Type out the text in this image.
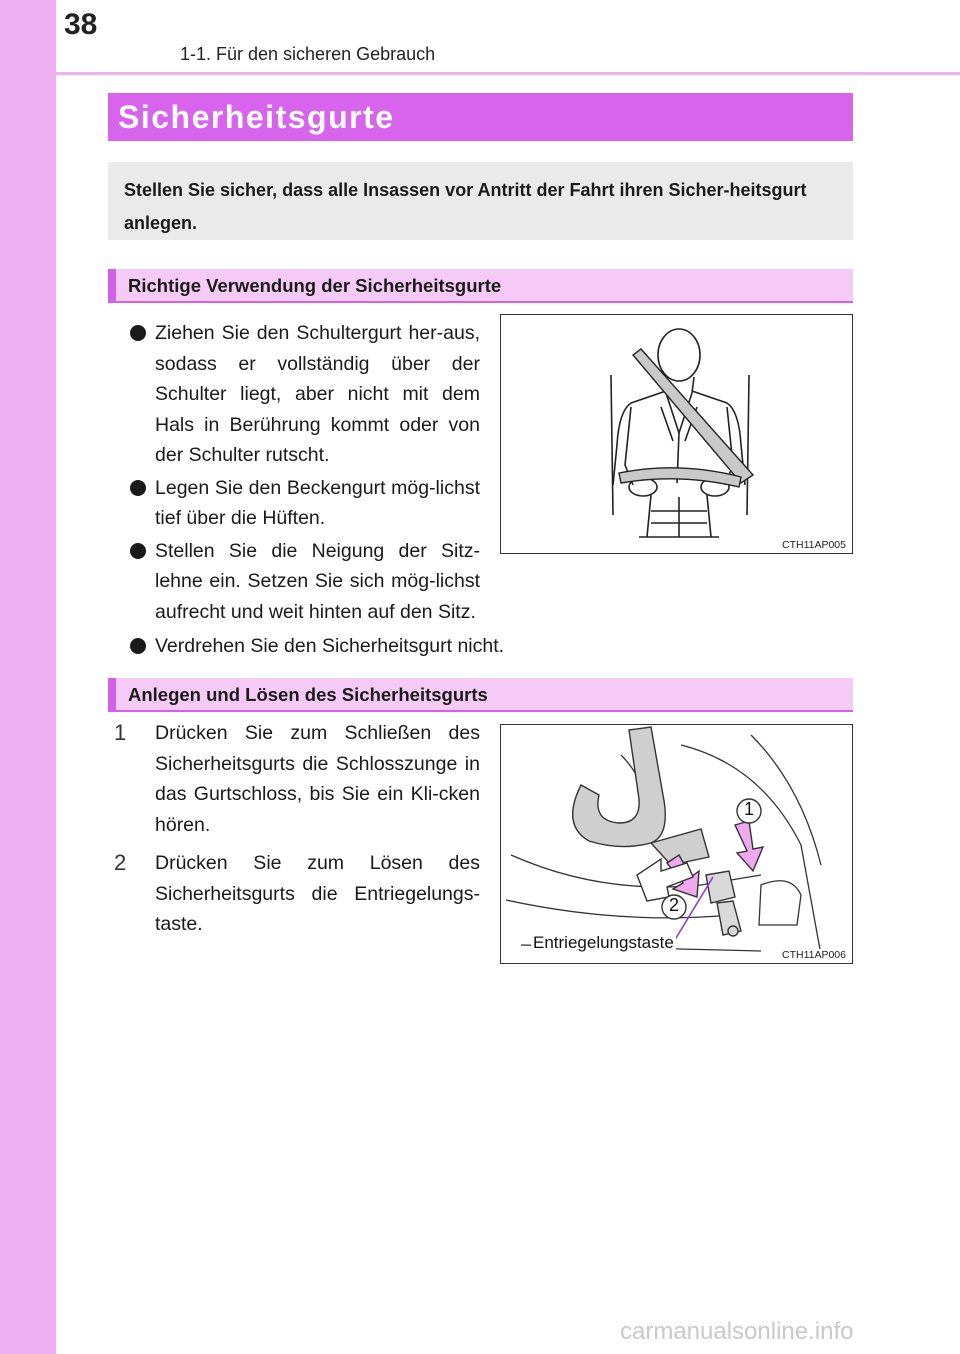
38
1-1. Für den sicheren Gebrauch
Sicherheitsgurte
Stellen Sie sicher, dass alle Insassen vor Antritt der Fahrt ihren Sicher-heitsgurt anlegen.
Richtige Verwendung der Sicherheitsgurte
Ziehen Sie den Schultergurt her-aus, sodass er vollständig über der Schulter liegt, aber nicht mit dem Hals in Berührung kommt oder von der Schulter rutscht.
Legen Sie den Beckengurt mög-lichst tief über die Hüften.
Stellen Sie die Neigung der Sitz-lehne ein. Setzen Sie sich mög-lichst aufrecht und weit hinten auf den Sitz.
Verdrehen Sie den Sicherheitsgurt nicht.
CTH11AP005
Anlegen und Lösen des Sicherheitsgurts
1 Drücken Sie zum Schließen des Sicherheitsgurts die Schlosszunge in das Gurtschloss, bis Sie ein Kli-cken hören.
2 Drücken Sie zum Lösen des Sicherheitsgurts die Entriegelungs-taste.
1
2
Entriegelungstaste
CTH11AP006
carmanualsonline.info
